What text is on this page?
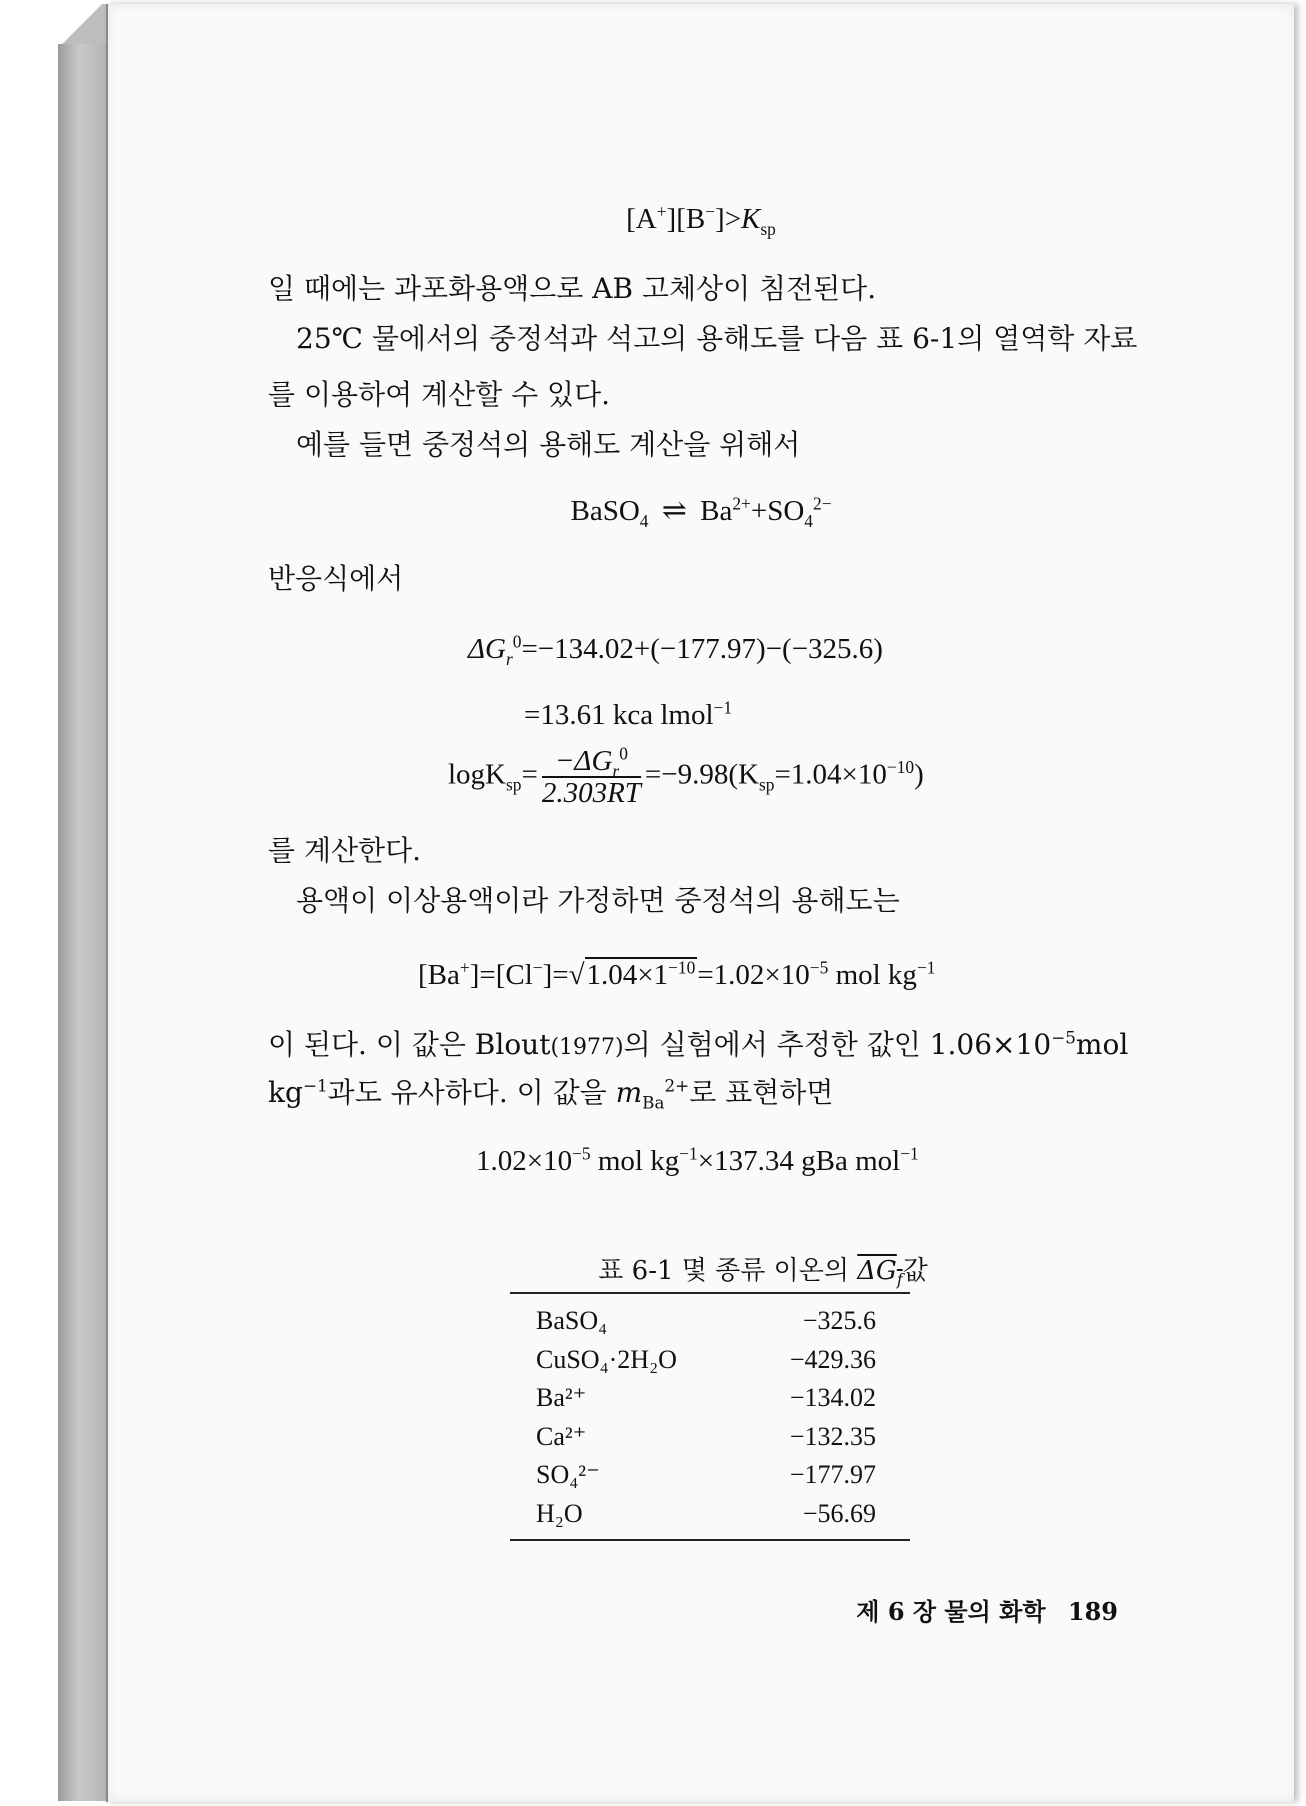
$[A^+][B^-]>K_{sp}$
일 때에는 과포화용액으로 AB 고체상이 침전된다.
25℃ 물에서의 중정석과 석고의 용해도를 다음 표 6-1의 열역학 자료
를 이용하여 계산할 수 있다.
예를 들면 중정석의 용해도 계산을 위해서
BaSO$_4$ ⇌ $Ba^{2+}+SO_4^{2-}$
반응식에서
$\Delta G_r^0=-134.02+(-177.97)-(-325.6)$
=13.61 kca lmol$^{-1}$
$\log K_{sp}= \frac{-\Delta G_r^0}{2.303RT} =-9.98(K_{sp}=1.04\times 10^{-10})$
를 계산한다.
용액이 이상용액이라 가정하면 중정석의 용해도는
$[Ba^+]=[Cl^-]=√1.04\times 1^{-10}=1.02\times 10^{-5}$ mol $kg^{-1}$
이 된다. 이 값은 Blout(1977)의 실험에서 추정한 값인 $1.06\times 10^{-5}mol$
$kg^{-1}$과도 유사하다. 이 값을 $m_{Ba}^{2+}$로 표현하면
$1.02\times 10^{-5}$ mol $kg^{-1}\times 137.34$ gBa mol$^{-1}$
표 6-1 몇 종류 이온의 $\Delta G_f$값
BaSO₄	−325.6
CuSO₄·2H₂O	−429.36
Ba²⁺	−134.02
Ca²⁺	−132.35
SO₄²⁻	−177.97
H₂O	−56.69
제 6 장 물의 화학 189
